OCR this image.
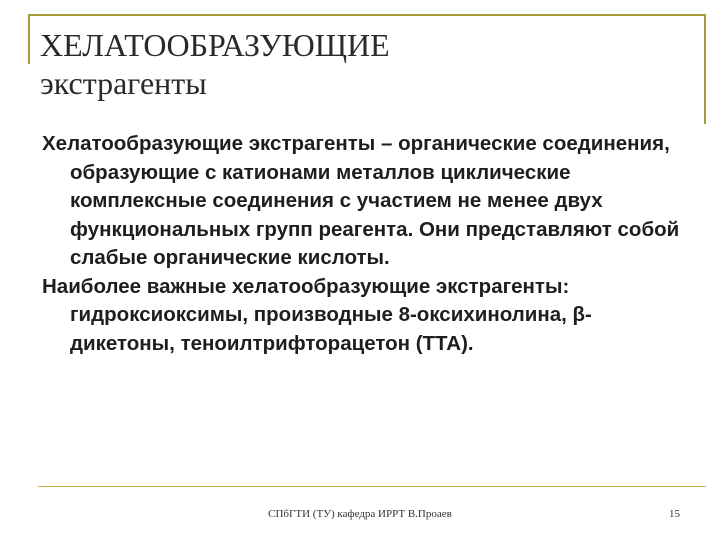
ХЕЛАТООБРАЗУЮЩИЕ
экстрагенты
Хелатообразующие экстрагенты – органические соединения, образующие с катионами металлов циклические комплексные соединения с участием не менее двух функциональных групп реагента. Они представляют собой слабые органические кислоты.
Наиболее важные хелатообразующие экстрагенты: гидроксиоксимы, производные 8-оксихинолина, β-дикетоны, теноилтрифторацетон (ТТА).
СПбГТИ (ТУ) кафедра ИРРТ В.Проаев	15
